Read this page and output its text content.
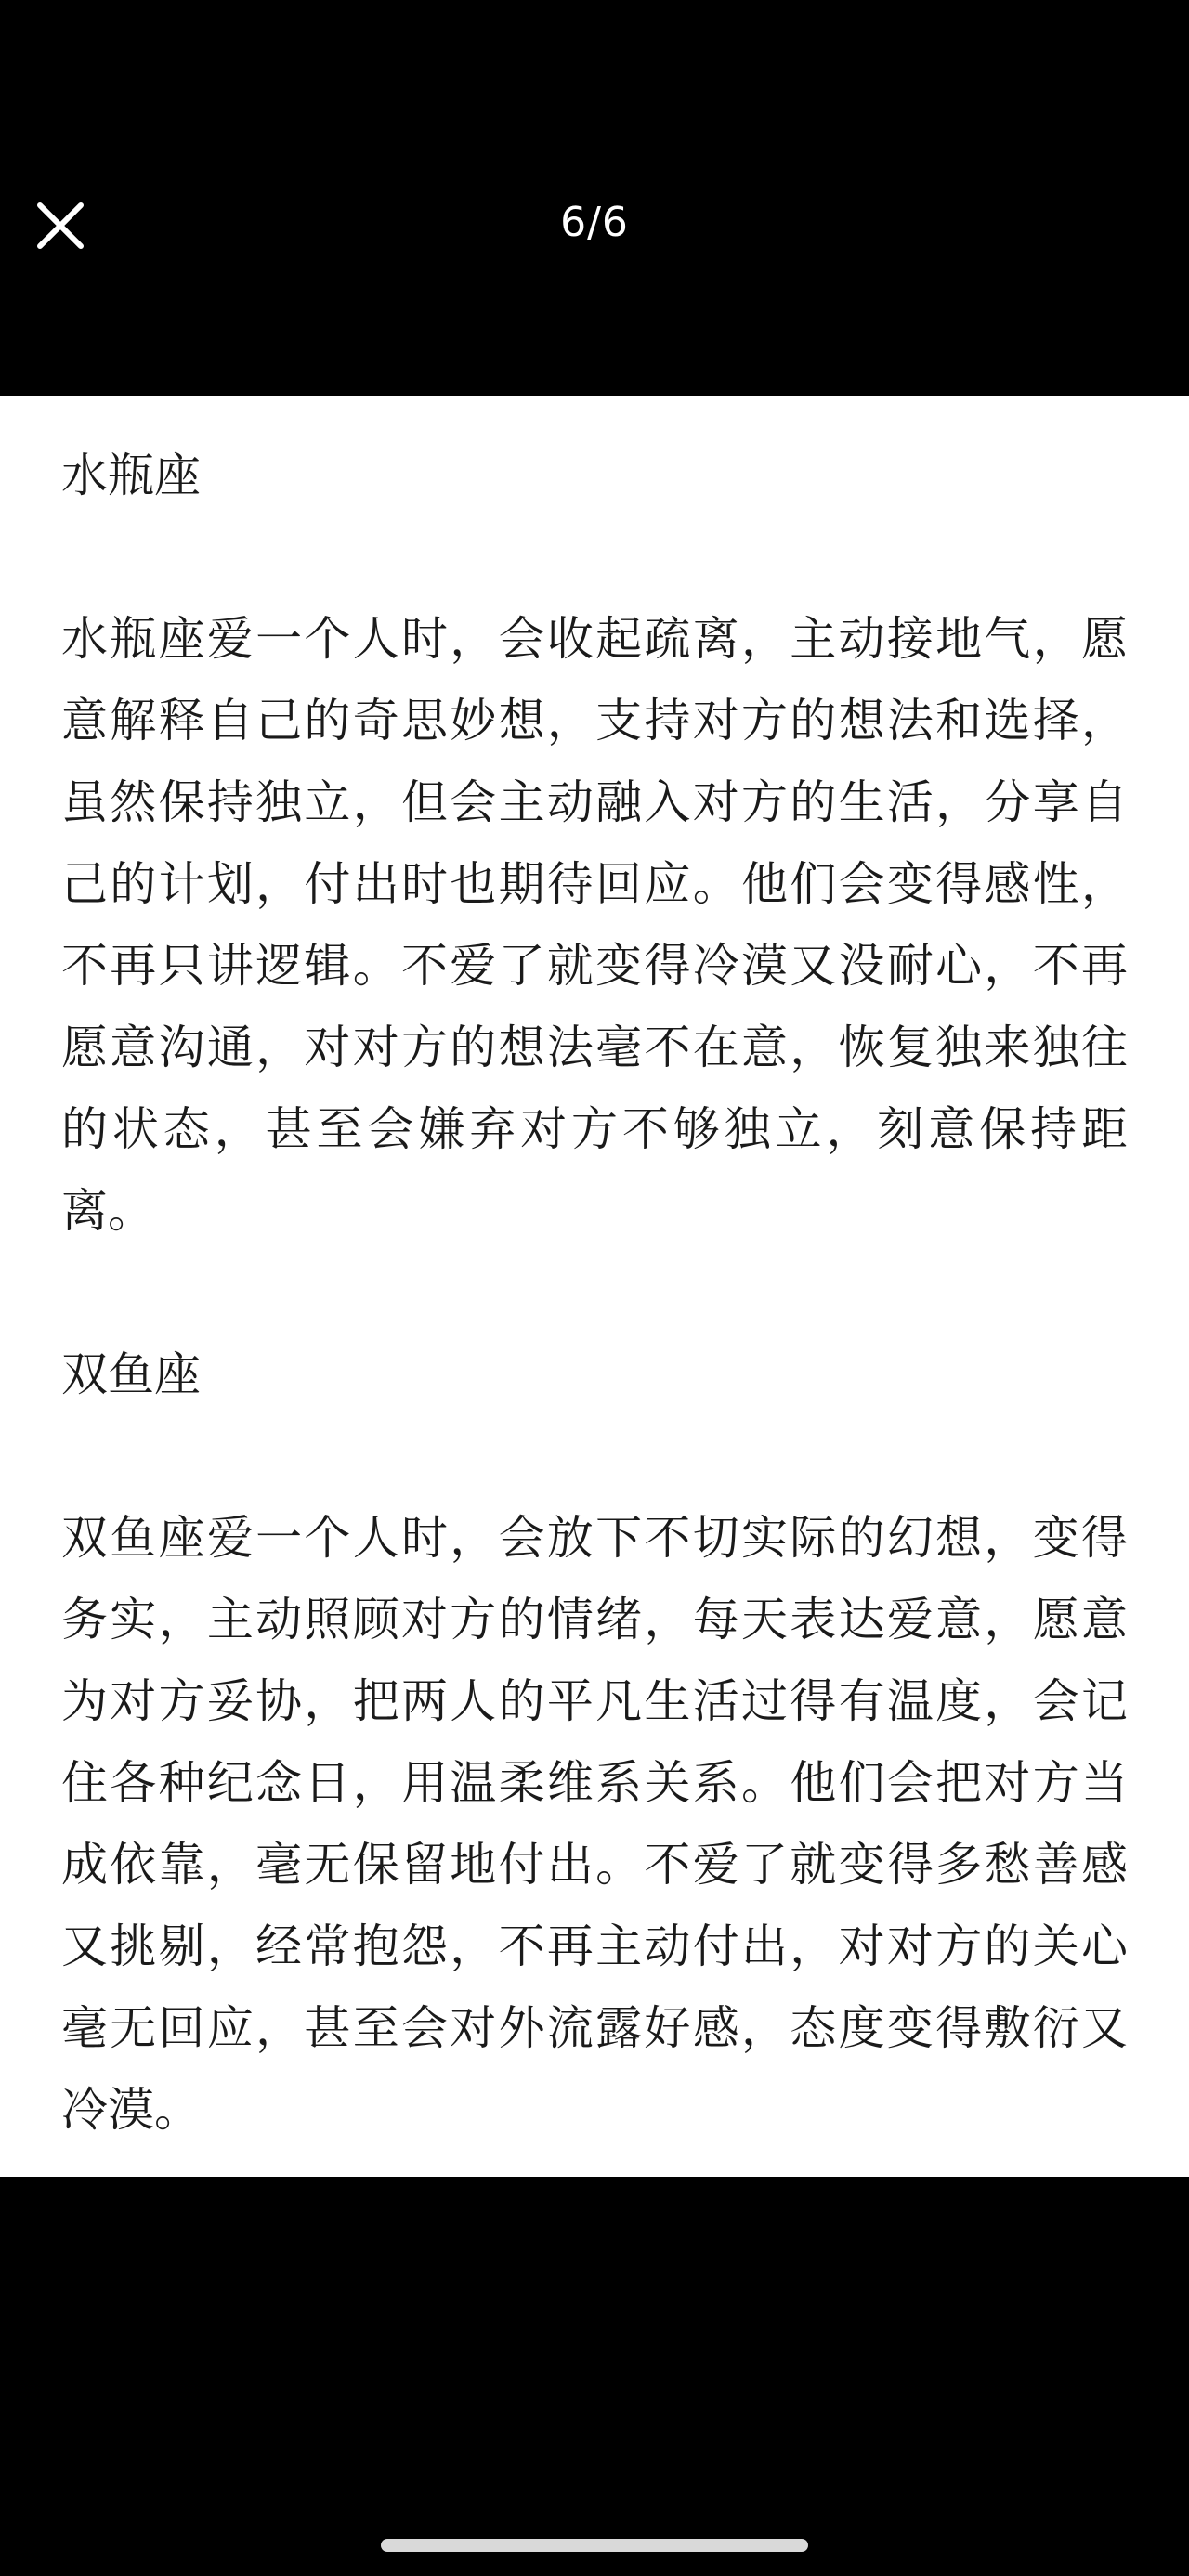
6/6

水瓶座

水瓶座爱一个人时，会收起疏离，主动接地气，愿意解释自己的奇思妙想，支持对方的想法和选择，虽然保持独立，但会主动融入对方的生活，分享自己的计划，付出时也期待回应。他们会变得感性，不再只讲逻辑。不爱了就变得冷漠又没耐心，不再愿意沟通，对对方的想法毫不在意，恢复独来独往的状态，甚至会嫌弃对方不够独立，刻意保持距离。

双鱼座

双鱼座爱一个人时，会放下不切实际的幻想，变得务实，主动照顾对方的情绪，每天表达爱意，愿意为对方妥协，把两人的平凡生活过得有温度，会记住各种纪念日，用温柔维系关系。他们会把对方当成依靠，毫无保留地付出。不爱了就变得多愁善感又挑剔，经常抱怨，不再主动付出，对对方的关心毫无回应，甚至会对外流露好感，态度变得敷衍又冷漠。
